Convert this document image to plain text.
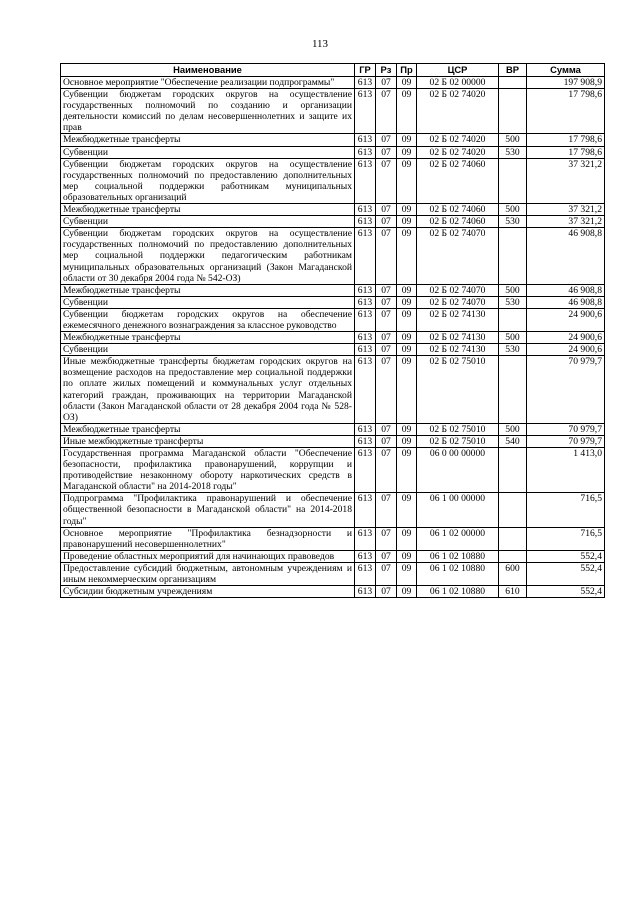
113
Наименование	ГР	Рз	Пр	ЦСР	ВР	Сумма
Основное мероприятие "Обеспечение реализации подпрограммы"	613	07	09	02 Б 02 00000		197 908,9
Субвенции бюджетам городских округов на осуществление государственных полномочий по созданию и организации деятельности комиссий по делам несовершеннолетних и защите их прав	613	07	09	02 Б 02 74020		17 798,6
Межбюджетные трансферты	613	07	09	02 Б 02 74020	500	17 798,6
Субвенции	613	07	09	02 Б 02 74020	530	17 798,6
Субвенции бюджетам городских округов на осуществление государственных полномочий по предоставлению дополнительных мер социальной поддержки работникам муниципальных образовательных организаций	613	07	09	02 Б 02 74060		37 321,2
Межбюджетные трансферты	613	07	09	02 Б 02 74060	500	37 321,2
Субвенции	613	07	09	02 Б 02 74060	530	37 321,2
Субвенции бюджетам городских округов на осуществление государственных полномочий по предоставлению дополнительных мер социальной поддержки педагогическим работникам муниципальных образовательных организаций (Закон Магаданской области от 30 декабря 2004 года № 542-ОЗ)	613	07	09	02 Б 02 74070		46 908,8
Межбюджетные трансферты	613	07	09	02 Б 02 74070	500	46 908,8
Субвенции	613	07	09	02 Б 02 74070	530	46 908,8
Субвенции бюджетам городских округов на обеспечение ежемесячного денежного вознаграждения за классное руководство	613	07	09	02 Б 02 74130		24 900,6
Межбюджетные трансферты	613	07	09	02 Б 02 74130	500	24 900,6
Субвенции	613	07	09	02 Б 02 74130	530	24 900,6
Иные межбюджетные трансферты бюджетам городских округов на возмещение расходов на предоставление мер социальной поддержки по оплате жилых помещений и коммунальных услуг отдельных категорий граждан, проживающих на территории Магаданской области (Закон Магаданской области от 28 декабря 2004 года № 528-ОЗ)	613	07	09	02 Б 02 75010		70 979,7
Межбюджетные трансферты	613	07	09	02 Б 02 75010	500	70 979,7
Иные межбюджетные трансферты	613	07	09	02 Б 02 75010	540	70 979,7
Государственная программа Магаданской области "Обеспечение безопасности, профилактика правонарушений, коррупции и противодействие незаконному обороту наркотических средств в Магаданской области" на 2014-2018 годы"	613	07	09	06 0 00 00000		1 413,0
Подпрограмма "Профилактика правонарушений и обеспечение общественной безопасности в Магаданской области" на 2014-2018 годы"	613	07	09	06 1 00 00000		716,5
Основное мероприятие "Профилактика безнадзорности и правонарушений несовершеннолетних"	613	07	09	06 1 02 00000		716,5
Проведение областных мероприятий для начинающих правоведов	613	07	09	06 1 02 10880		552,4
Предоставление субсидий бюджетным, автономным учреждениям и иным некоммерческим организациям	613	07	09	06 1 02 10880	600	552,4
Субсидии бюджетным учреждениям	613	07	09	06 1 02 10880	610	552,4
